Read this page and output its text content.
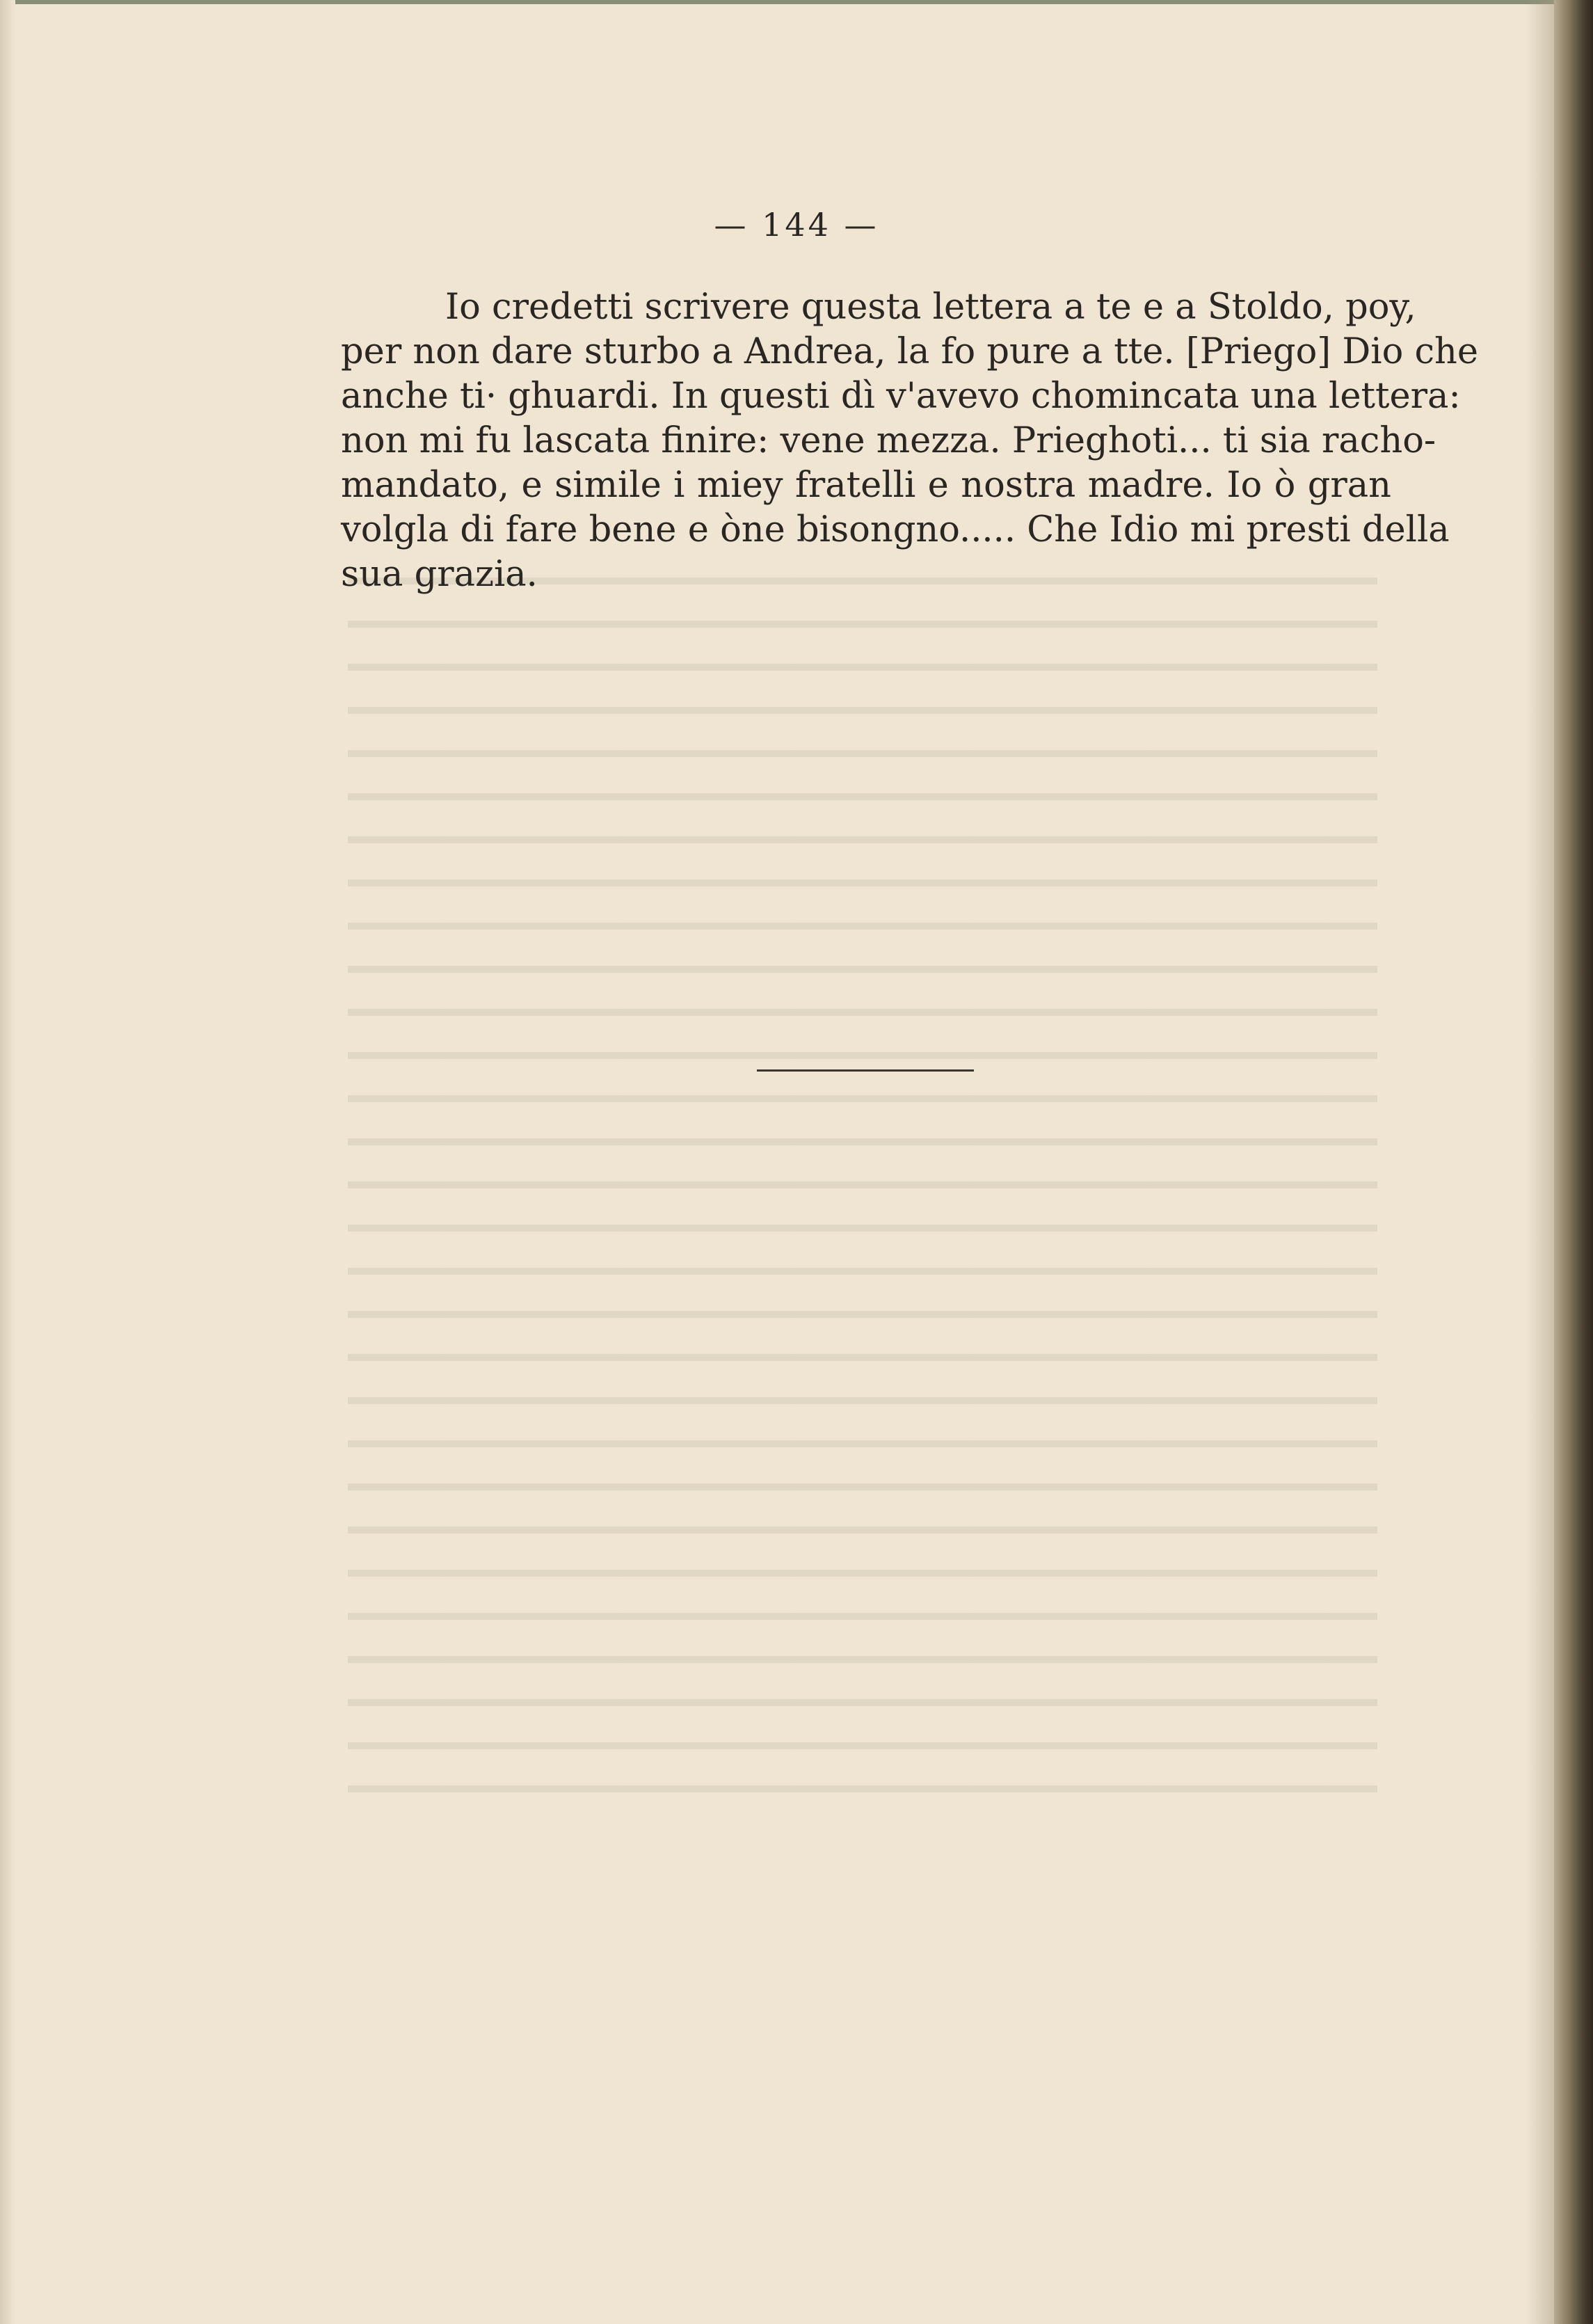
— 144 —
Io credetti scrivere questa lettera a te e a Stoldo, poy,
per non dare sturbo a Andrea, la fo pure a tte. [Priego] Dio che
anche ti· ghuardi. In questi dì v'avevo chomincata una lettera:
non mi fu lascata finire: vene mezza. Prieghoti... ti sia racho-
mandato, e simile i miey fratelli e nostra madre. Io ò gran
volgla di fare bene e òne bisongno..... Che Idio mi presti della
sua grazia.
